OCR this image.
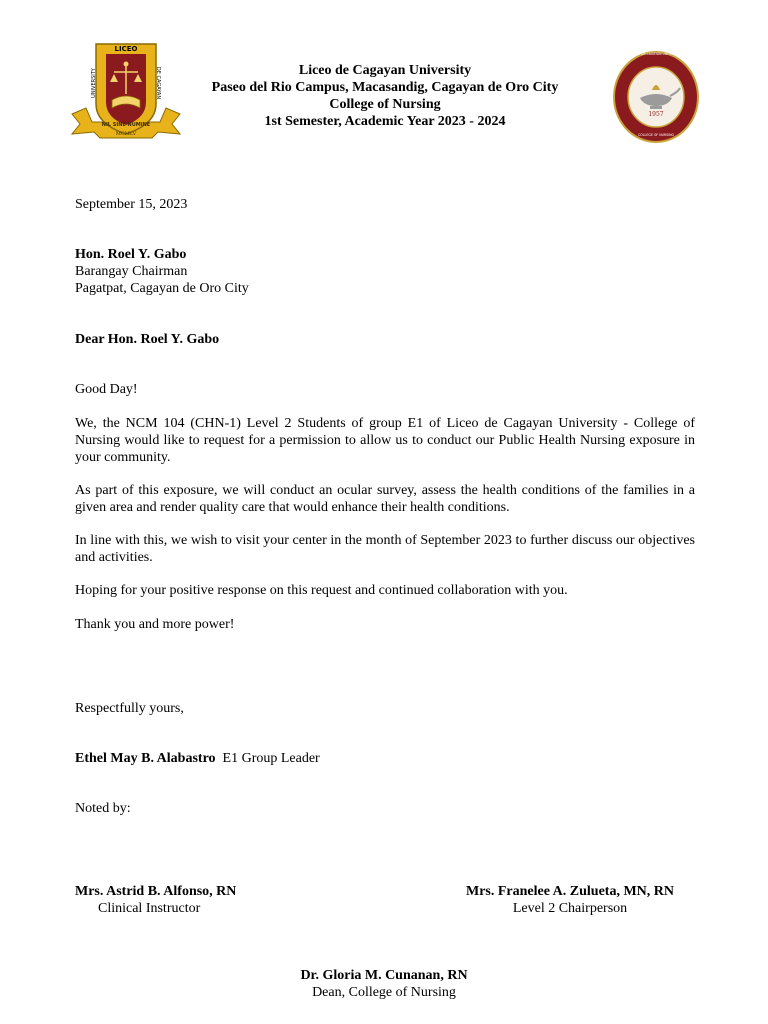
LICEO
UNIVERSITY	DE CAGAYAN
NIL SINE NUMINE
MCMLV
Liceo de Cagayan University
Paseo del Rio Campus, Macasandig, Cagayan de Oro City
College of Nursing
1st Semester, Academic Year 2023 - 2024
LICEO DE CAGAYAN UNIVERSITY
COLLEGE OF NURSING
1957
September 15, 2023
Hon. Roel Y. Gabo
Barangay Chairman
Pagatpat, Cagayan de Oro City
Dear Hon. Roel Y. Gabo
Good Day!
We, the NCM 104 (CHN-1) Level 2 Students of group E1 of Liceo de Cagayan University - College of Nursing would like to request for a permission to allow us to conduct our Public Health Nursing exposure in your community.
As part of this exposure, we will conduct an ocular survey, assess the health conditions of the families in a given area and render quality care that would enhance their health conditions.
In line with this, we wish to visit your center in the month of September 2023 to further discuss our objectives and activities.
Hoping for your positive response on this request and continued collaboration with you.
Thank you and more power!
Respectfully yours,
Ethel May B. Alabastro E1 Group Leader
Noted by:
Mrs. Astrid B. Alfonso, RN
Clinical Instructor
Mrs. Franelee A. Zulueta, MN, RN
Level 2 Chairperson
Dr. Gloria M. Cunanan, RN
Dean, College of Nursing
